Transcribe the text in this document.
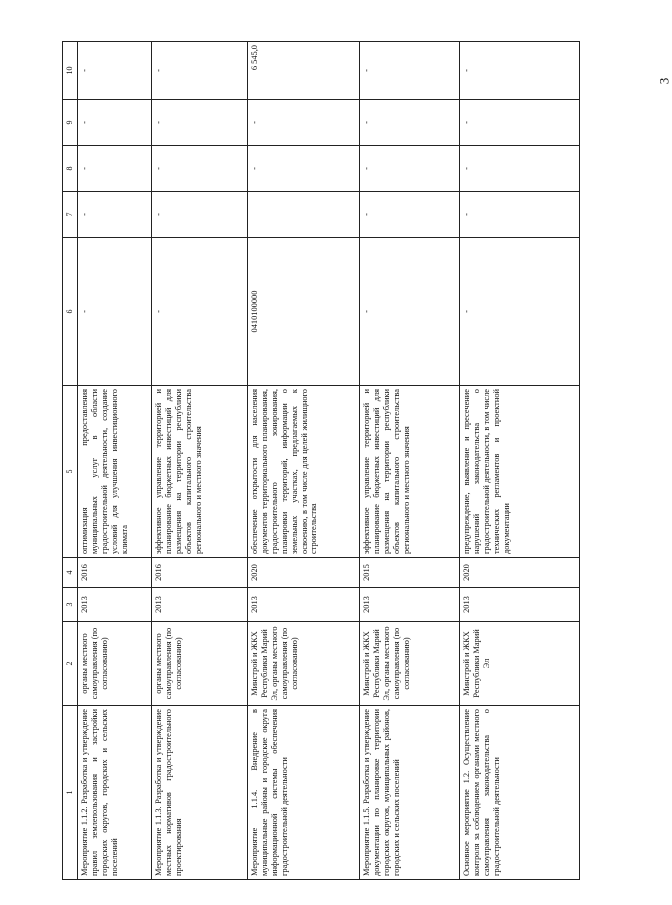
3
1	2	3	4	5	6	7	8	9	10
Мероприятие 1.1.2. Разработка и утверждение правил землепользования и застройки городских округов, городских и сельских поселений	органы местного самоуправления (по согласованию)	2013	2016	оптимизация предоставления муниципальных услуг в области градостроительной деятельности, создание условий для улучшения инвестиционного климата	-	-	-	-	-
Мероприятие 1.1.3. Разработка и утверждение местных нормативов градостроительного проектирования	органы местного самоуправления (по согласованию)	2013	2016	эффективное управление территорией и планирование бюджетных инвестиций для размещения на территории республики объектов капитального строительства регионального и местного значения	-	-	-	-	-
Мероприятие 1.1.4. Внедрение в муниципальные районы и городские округа информационной системы обеспечения градостроительной деятельности	Минстрой и ЖКХ Республики Марий Эл, органы местного самоуправления (по согласованию)	2013	2020	обеспечение открытости для населения документов территориального планирования, градостроительного зонирования, планировки территорий, информации о земельных участках, предлагаемых к освоению, в том числе для целей жилищного строительства	0410100000		-	-	6 545,0
Мероприятие 1.1.5. Разработка и утверждение документации по планировке территории городских округов, муниципальных районов, городских и сельских поселений	Минстрой и ЖКХ Республики Марий Эл, органы местного самоуправления (по согласованию)	2013	2015	эффективное управление территорией и планирование бюджетных инвестиций для размещения на территории республики объектов капитального строительства регионального и местного значения	-	-	-	-	-
Основное мероприятие 1.2. Осуществление контроля за соблюдением органами местного самоуправления законодательства о градостроительной деятельности	Минстрой и ЖКХ Республики Марий Эл	2013	2020	предупреждение, выявление и пресечение нарушений законодательства о градостроительной деятельности, в том числе технических регламентов и проектной документации	-	-	-	-	-
